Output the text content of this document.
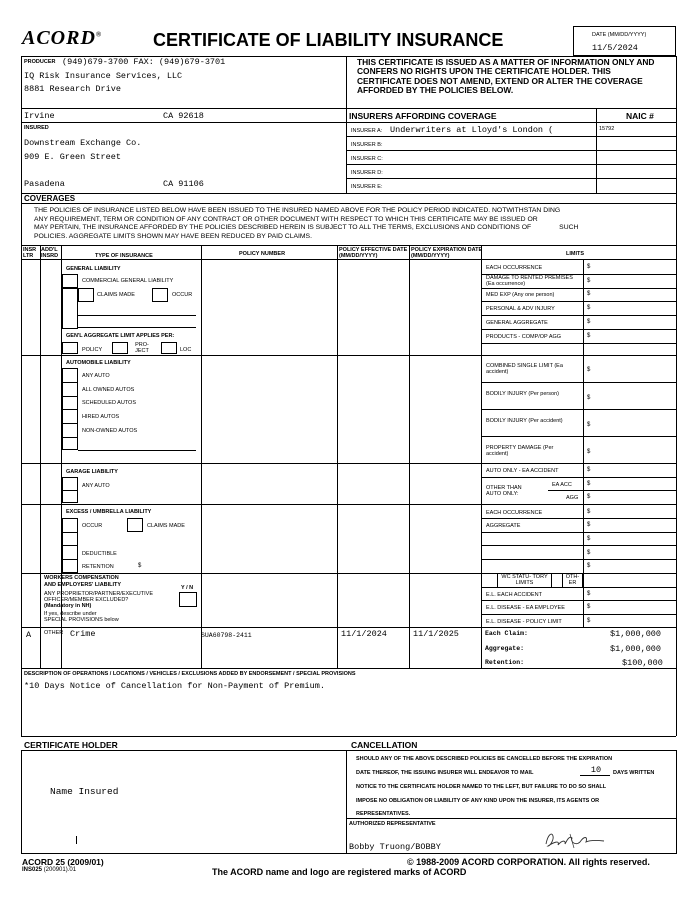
ACORD®	CERTIFICATE OF LIABILITY INSURANCE	DATE (MM/DD/YYYY)
11/5/2024
PRODUCER (949)679-3700 FAX: (949)679-3701
IQ Risk Insurance Services, LLC
8881 Research Drive
Irvine	CA 92618
THIS CERTIFICATE IS ISSUED AS A MATTER OF INFORMATION ONLY AND CONFERS NO RIGHTS UPON THE CERTIFICATE HOLDER. THIS CERTIFICATE DOES NOT AMEND, EXTEND OR ALTER THE COVERAGE AFFORDED BY THE POLICIES BELOW.
INSURERS AFFORDING COVERAGE	NAIC #
INSURED
Downstream Exchange Co.
909 E. Green Street
Pasadena	CA 91106
INSURER A: Underwriters at Lloyd's London (	15792
INSURER B:
INSURER C:
INSURER D:
INSURER E:
COVERAGES
THE POLICIES OF INSURANCE LISTED BELOW HAVE BEEN ISSUED TO THE INSURED NAMED ABOVE FOR THE POLICY PERIOD INDICATED. NOTWITHSTAN DING
ANY REQUIREMENT, TERM OR CONDITION OF ANY CONTRACT OR OTHER DOCUMENT WITH RESPECT TO WHICH THIS CERTIFICATE MAY BE ISSUED OR
MAY PERTAIN, THE INSURANCE AFFORDED BY THE POLICIES DESCRIBED HEREIN IS SUBJECT TO ALL THE TERMS, EXCLUSIONS AND CONDITIONS OF	SUCH
POLICIES. AGGREGATE LIMITS SHOWN MAY HAVE BEEN REDUCED BY PAID CLAIMS.
INSR LTR
ADD'L INSRD	TYPE OF INSURANCE	POLICY NUMBER
POLICY EFFECTIVE DATE (MM/DD/YYYY)
POLICY EXPIRATION DATE (MM/DD/YYYY)	LIMITS
GENERAL LIABILITY
COMMERCIAL GENERAL LIABILITY
CLAIMS MADE	OCCUR
GEN'L AGGREGATE LIMIT APPLIES PER:
POLICY
PRO- JECT	LOC
EACH OCCURRENCE	$
DAMAGE TO RENTED PREMISES (Ea occurrence)	$
MED EXP (Any one person)	$
PERSONAL & ADV INJURY	$
GENERAL AGGREGATE	$
PRODUCTS - COMP/OP AGG	$
AUTOMOBILE LIABILITY
ANY AUTO
ALL OWNED AUTOS
SCHEDULED AUTOS
HIRED AUTOS
NON-OWNED AUTOS
COMBINED SINGLE LIMIT (Ea accident)	$
BODILY INJURY (Per person)
$
BODILY INJURY (Per accident)
$
PROPERTY DAMAGE (Per accident)	$
GARAGE LIABILITY
ANY AUTO
AUTO ONLY - EA ACCIDENT	$
OTHER THAN AUTO ONLY:
EA ACC	$
AGG $
EXCESS / UMBRELLA LIABILITY
OCCUR	CLAIMS MADE
DEDUCTIBLE
RETENTION	$
EACH OCCURRENCE	$
AGGREGATE	$
$
$
$
WORKERS COMPENSATION
AND EMPLOYERS' LIABILITY	Y / N
ANY PROPRIETOR/PARTNER/EXECUTIVE
OFFICER/MEMBER EXCLUDED?
(Mandatory in NH)
If yes, describe under
SPECIAL PROVISIONS below
WC STATU- TORY LIMITS
OTH- ER
E.L. EACH ACCIDENT	$
E.L. DISEASE - EA EMPLOYEE	$
E.L. DISEASE - POLICY LIMIT	$
A OTHER Crime	SUA60798-2411	11/1/2024	11/1/2025	Each Claim:	$1,000,000
Aggregate:	$1,000,000
Retention:	$100,000
DESCRIPTION OF OPERATIONS / LOCATIONS / VEHICLES / EXCLUSIONS ADDED BY ENDORSEMENT / SPECIAL PROVISIONS
*10 Days Notice of Cancellation for Non-Payment of Premium.
CERTIFICATE HOLDER	CANCELLATION
Name Insured
SHOULD ANY OF THE ABOVE DESCRIBED POLICIES BE CANCELLED BEFORE THE EXPIRATION
DATE THEREOF, THE ISSUING INSURER WILL ENDEAVOR TO MAIL	10	DAYS WRITTEN
NOTICE TO THE CERTIFICATE HOLDER NAMED TO THE LEFT, BUT FAILURE TO DO SO SHALL
IMPOSE NO OBLIGATION OR LIABILITY OF ANY KIND UPON THE INSURER, ITS AGENTS OR
REPRESENTATIVES.
AUTHORIZED REPRESENTATIVE
Bobby Truong/BOBBY
ACORD 25 (2009/01)
INS025 (200901).01
© 1988-2009 ACORD CORPORATION. All rights reserved.
The ACORD name and logo are registered marks of ACORD
